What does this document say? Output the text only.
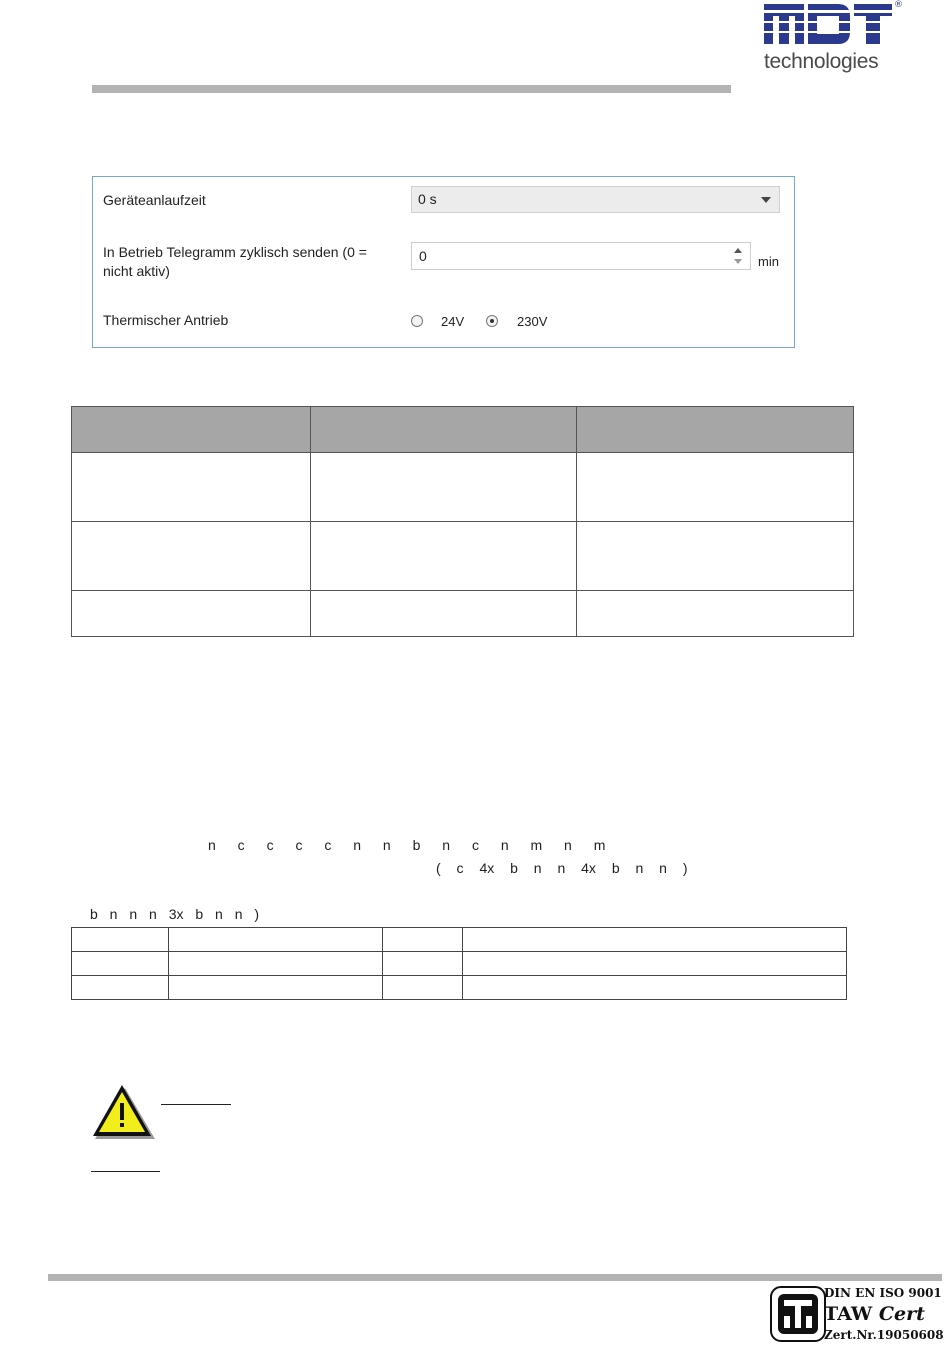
®
technologies
Geräteanlaufzeit	0 s
In Betrieb Telegramm zyklisch senden (0 =
nicht aktiv)
0	min
Thermischer Antrieb	24V	230V

n c c c c n n b n c n m n m
( c 4x b n n 4x b n n )
b n n n 3x b n n )

DIN EN ISO 9001
TAW Cert
Zert.Nr.19050608
